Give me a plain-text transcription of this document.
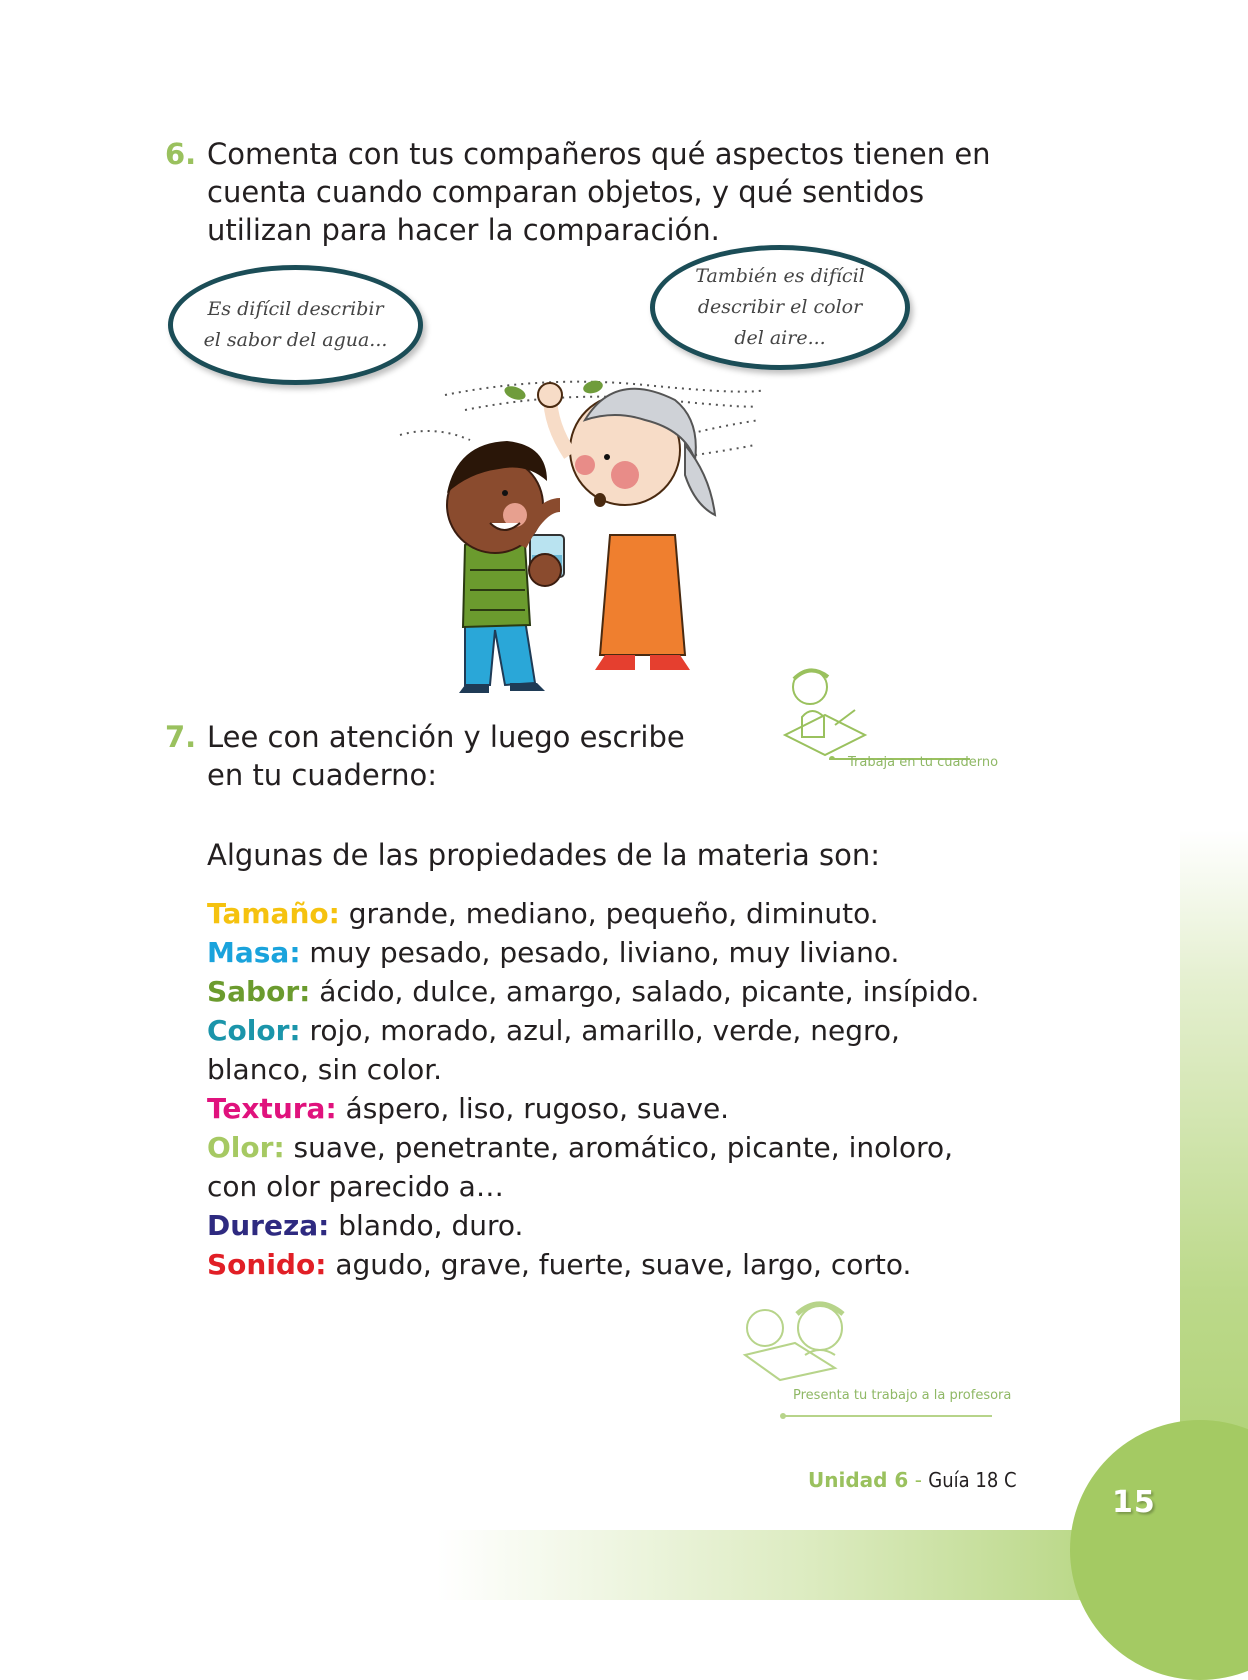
15
6. Comenta con tus compañeros qué aspectos tienen en cuenta cuando comparan objetos, y qué sentidos utilizan para hacer la comparación.
Es difícil describir el sabor del agua...
También es difícil describir el color del aire...
7. Lee con atención y luego escribe en tu cuaderno:	Trabaja en tu cuaderno
Algunas de las propiedades de la materia son:
Tamaño: grande, mediano, pequeño, diminuto.
Masa: muy pesado, pesado, liviano, muy liviano.
Sabor: ácido, dulce, amargo, salado, picante, insípido.
Color: rojo, morado, azul, amarillo, verde, negro, blanco, sin color.
Textura: áspero, liso, rugoso, suave.
Olor: suave, penetrante, aromático, picante, inoloro, con olor parecido a…
Dureza: blando, duro.
Sonido: agudo, grave, fuerte, suave, largo, corto.
Presenta tu trabajo a la profesora
Unidad 6 - Guía 18 C
